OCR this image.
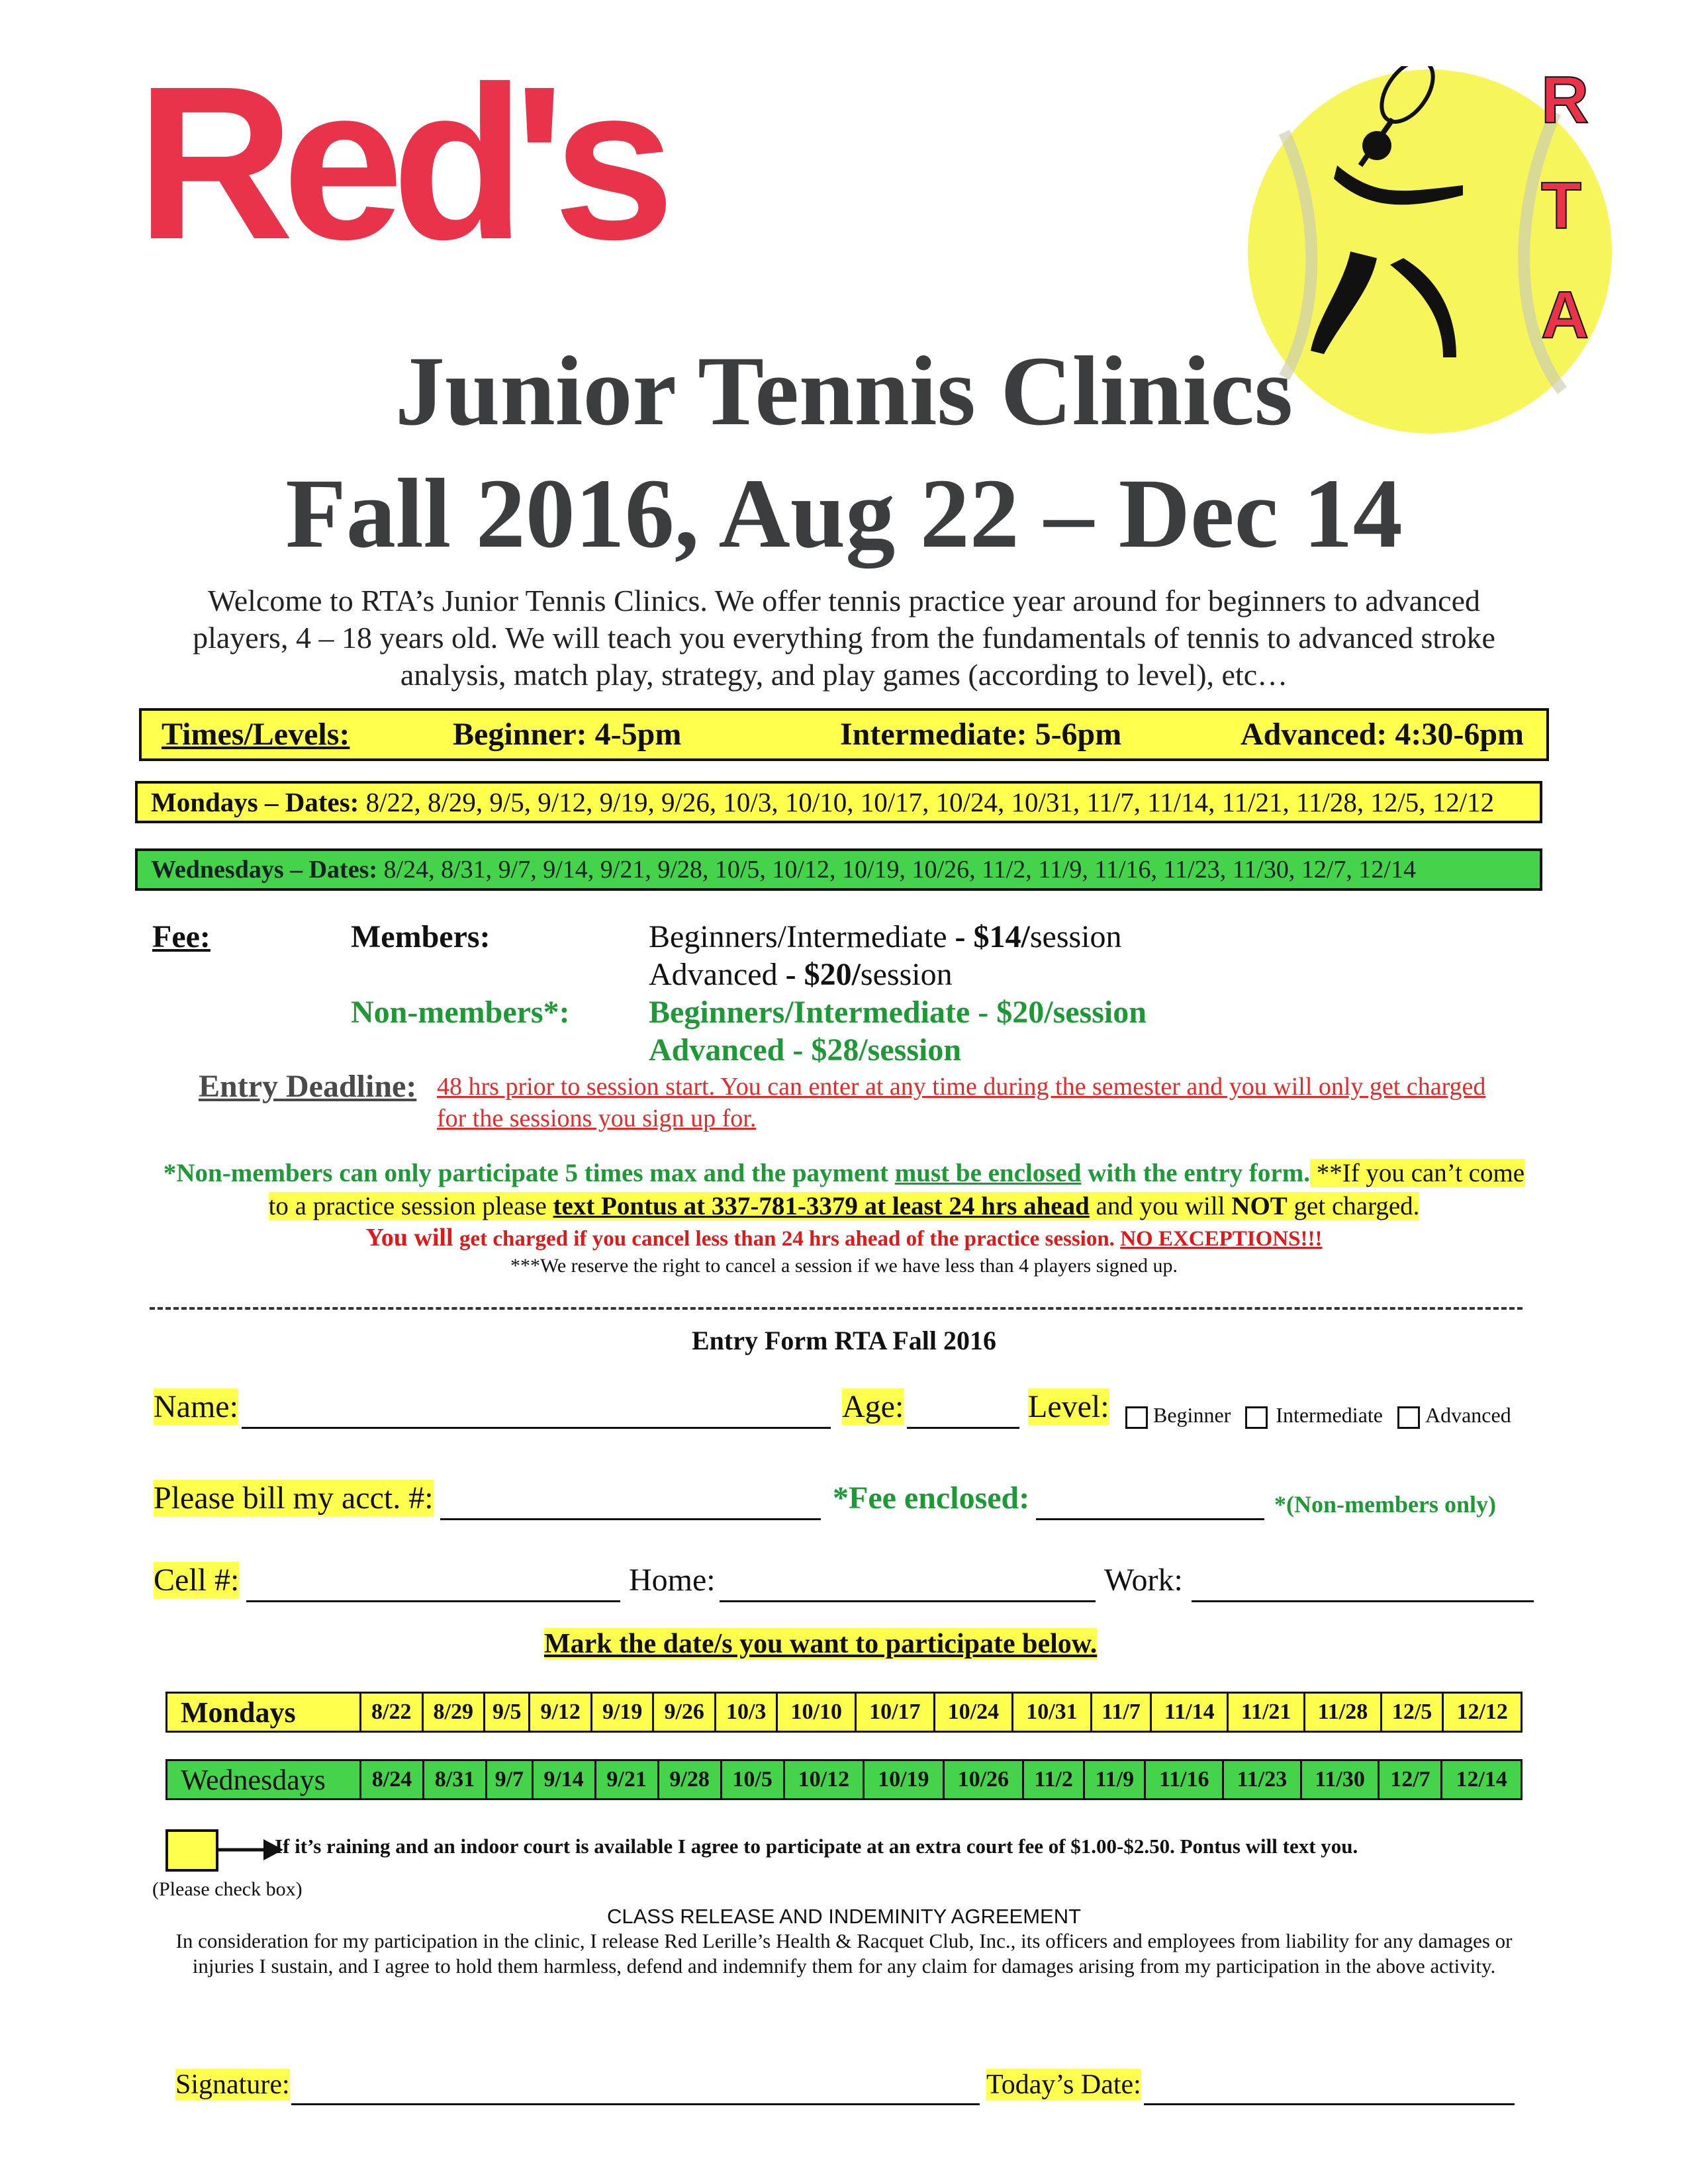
Red's	R
T
A
Junior Tennis Clinics
Fall 2016, Aug 22 – Dec 14
Welcome to RTA’s Junior Tennis Clinics. We offer tennis practice year around for beginners to advanced players, 4 – 18 years old. We will teach you everything from the fundamentals of tennis to advanced stroke analysis, match play, strategy, and play games (according to level), etc…
Times/Levels:	Beginner: 4-5pm	Intermediate: 5-6pm	Advanced: 4:30-6pm
Mondays – Dates: 8/22, 8/29, 9/5, 9/12, 9/19, 9/26, 10/3, 10/10, 10/17, 10/24, 10/31, 11/7, 11/14, 11/21, 11/28, 12/5, 12/12
Wednesdays – Dates: 8/24, 8/31, 9/7, 9/14, 9/21, 9/28, 10/5, 10/12, 10/19, 10/26, 11/2, 11/9, 11/16, 11/23, 11/30, 12/7, 12/14
Fee:	Members:	Beginners/Intermediate - $14/session
Advanced - $20/session
Non-members*: Beginners/Intermediate - $20/session
Advanced - $28/session
Entry Deadline: 48 hrs prior to session start. You can enter at any time during the semester and you will only get charged for the sessions you sign up for.
*Non-members can only participate 5 times max and the payment must be enclosed with the entry form. **If you can’t come to a practice session please text Pontus at 337-781-3379 at least 24 hrs ahead and you will NOT get charged.
You will get charged if you cancel less than 24 hrs ahead of the practice session. NO EXCEPTIONS!!!
***We reserve the right to cancel a session if we have less than 4 players signed up.
Entry Form RTA Fall 2016
Name:	Age:	Level:	Beginner Intermediate Advanced
Please bill my acct. #:	*Fee enclosed:	*(Non-members only)
Cell #:	Home:	Work:
Mark the date/s you want to participate below.
Mondays	8/22	8/29	9/5	9/12	9/19	9/26	10/3	10/10	10/17	10/24	10/31	11/7	11/14	11/21	11/28	12/5	12/12
Wednesdays	8/24	8/31	9/7	9/14	9/21	9/28	10/5	10/12	10/19	10/26	11/2	11/9	11/16	11/23	11/30	12/7	12/14
If it’s raining and an indoor court is available I agree to participate at an extra court fee of $1.00-$2.50. Pontus will text you.
(Please check box)
CLASS RELEASE AND INDEMINITY AGREEMENT
In consideration for my participation in the clinic, I release Red Lerille’s Health & Racquet Club, Inc., its officers and employees from liability for any damages or injuries I sustain, and I agree to hold them harmless, defend and indemnify them for any claim for damages arising from my participation in the above activity.
Signature:	Today’s Date:
